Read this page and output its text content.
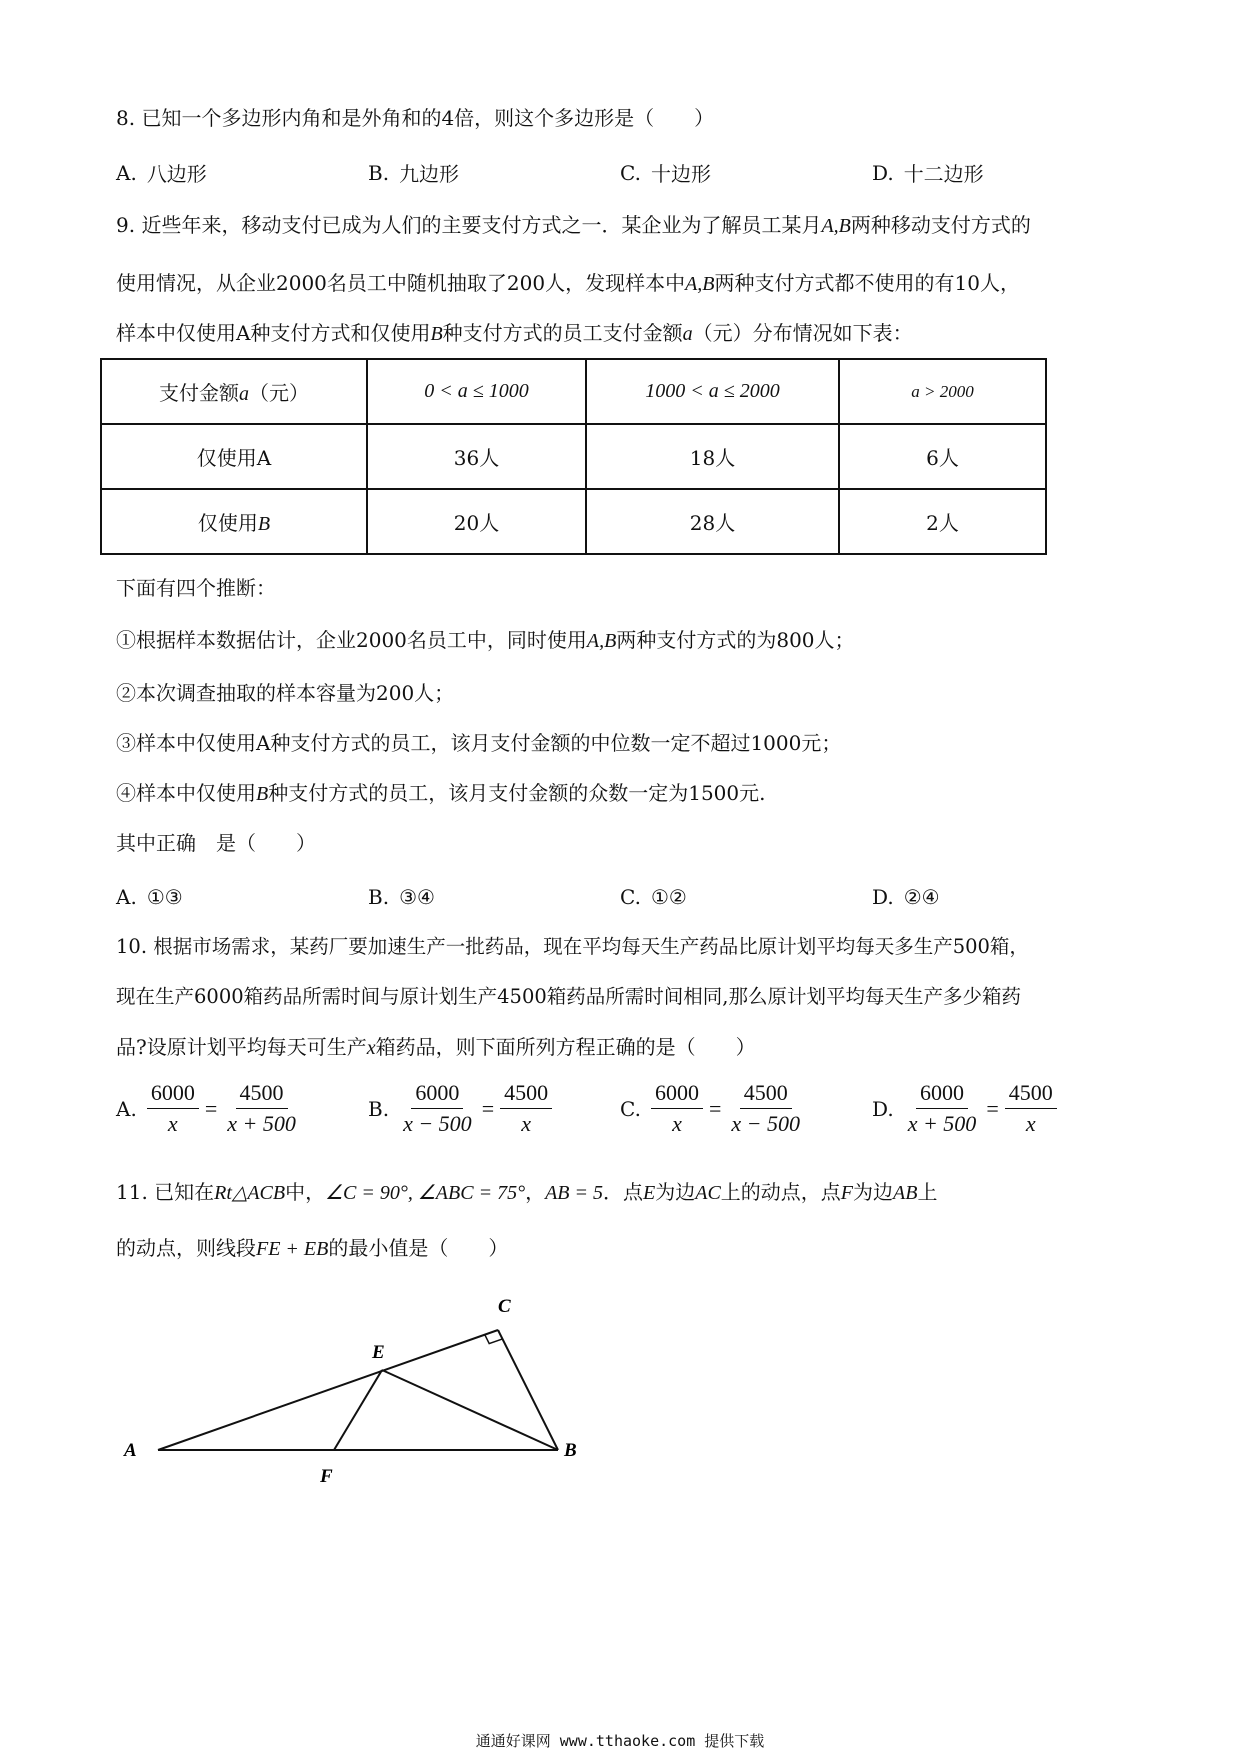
8. 已知一个多边形内角和是外角和的4倍，则这个多边形是（　　）
A. 八边形	B. 九边形	C. 十边形	D. 十二边形
9. 近些年来，移动支付已成为人们的主要支付方式之一．某企业为了解员工某月A,B两种移动支付方式的
使用情况，从企业2000名员工中随机抽取了200人，发现样本中A,B两种支付方式都不使用的有10人，
样本中仅使用A种支付方式和仅使用B种支付方式的员工支付金额a（元）分布情况如下表：
支付金额a（元）	0 < a ≤ 1000	1000 < a ≤ 2000	a > 2000
仅使用A	36人	18人	6人
仅使用B	20人	28人	2人
下面有四个推断：
①根据样本数据估计，企业2000名员工中，同时使用A,B两种支付方式的为800人；
②本次调查抽取的样本容量为200人；
③样本中仅使用A种支付方式的员工，该月支付金额的中位数一定不超过1000元；
④样本中仅使用B种支付方式的员工，该月支付金额的众数一定为1500元.
其中正确　是（　　）
A. ①③	B. ③④	C. ①②	D. ②④
10. 根据市场需求，某药厂要加速生产一批药品，现在平均每天生产药品比原计划平均每天多生产500箱，
现在生产6000箱药品所需时间与原计划生产4500箱药品所需时间相同,那么原计划平均每天生产多少箱药
品?设原计划平均每天可生产x箱药品，则下面所列方程正确的是（　　）
A. $\frac{6000}{x} = \frac{4500}{x + 500}$	B. $\frac{6000}{x - 500} = \frac{4500}{x}$	C. $\frac{6000}{x} = \frac{4500}{x - 500}$	D. $\frac{6000}{x + 500} = \frac{4500}{x}$
11. 已知在Rt△ACB中，∠C = 90°, ∠ABC = 75°，AB = 5．点E为边AC上的动点，点F为边AB上
的动点，则线段FE + EB的最小值是（　　）
A	B
C
E
F
通通好课网 www.tthaoke.com 提供下载
